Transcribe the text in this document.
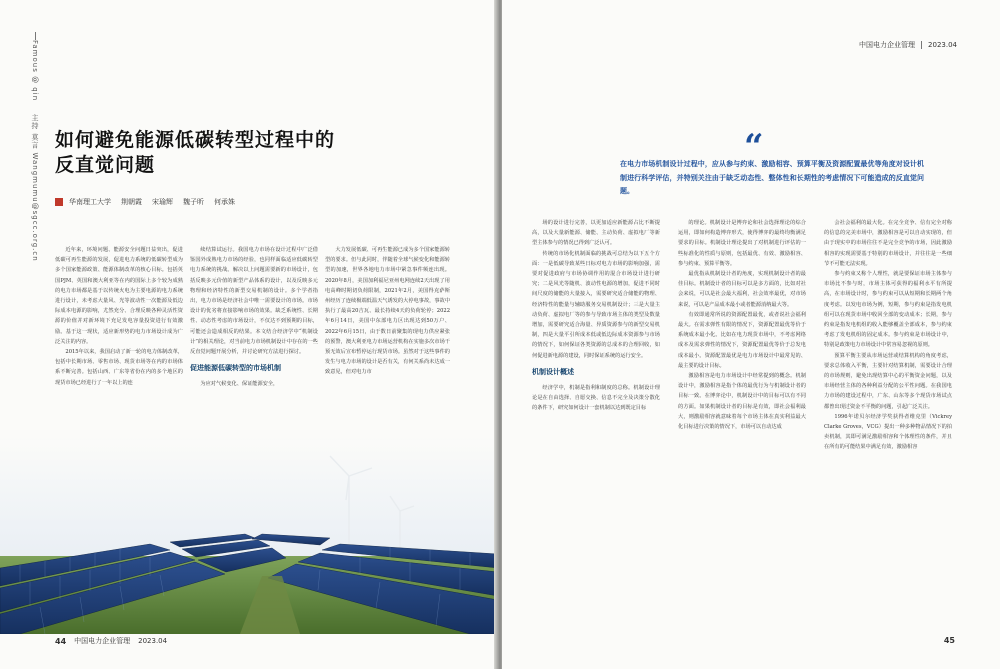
Famous @ qin    主持 莫言 Wangmumu@sgcc.org.cn 如何避免能源低碳转型过程中的
反直觉问题
华南理工大学 荆朝霞 宋瑜辉 魏子昕 何承姝

近年来，环境问题、能源安全问题日益突出，促进低碳可再生能源的发展，促进电力系统的低碳转型成为多个国家能源政策、能源体制改革的核心目标。包括英国PJM、英国和澳大利亚等在内的国际上多个较为成熟的电力市场都是基于以传统火电为主要电源的电力系统进行设计，未考虑大量风、光等波动性一次能源及低边际成本电源的影响，尤然充分、合理反映各种灵活性资源的价值并对新环境下充足发电容量投资进行有效激励。基于这一现状，适应新形势的电力市场设计成为广泛关注的内容。

2015年以来，我国启动了新一轮的电力体制改革，包括中长期市场、零售市场、现货市场等在内的市场体系不断完善。包括山西、广东等省份在内的多个地区的现货市场已经进行了一年以上的连

续结算试运行。我国电力市场在设计过程中广泛借鉴国外成熟电力市场的经验，也同样面临适应低碳转型电力系统的挑战。解决以上问题需要新的市场设计，包括反映多元价值的新型产品体系的设计，以及反映多元物理和经济特性的新型交易机制的设计。多个学者指出，电力市场是经济社会中唯一需要设计的市场。市场设计的优劣将直接影响市场的效果。缺乏系统性、长期性、动态性考虑的市场设计，不仅达不到预期的目标，可能还会造成相反的结果。本文结合经济学中“机制设计”的相关理论，对当前电力市场机制设计中存在的一些反直觉问题开展分析，并讨论研究方法进行探讨。

促进能源低碳转型的市场机制

为应对气候变化、保证能源安全，

大力发展低碳、可再生能源已成为多个国家能源转型的要求。但与此同时，伴随着全球气候变化和能源转型的加速，世界各地电力市场中紧急事件频连出现。2020年8月，美国加利福尼亚州电网连续2天出现了用电高峰时期切负荷限制，2021年2月，美国得克萨斯州经历了连续极端低温天气诱发的大停电事故，事故中执行了最高20吉瓦、最长持续4天的负荷轮停；2022年6月14日，美国中东部电力区出现达到50万户、2022年6月15日，由于数日前聚集的现电力供应紧张的预警，澳大利亚电力市场运营机构在实施多次市场干预无效后宣布暂停运行现货市场。虽然对于这些事件的发生与电力市场的设计是否有关，有何关系尚未达成一致意见，但对电力市

44 中国电力企业管理 2023.04
中国电力企业管理 2023.04
“
在电力市场机制设计过程中，应从参与约束、激励相容、预算平衡及资源配置最优等角度对设计机制进行科学评估，并特别关注由于缺乏动态性、整体性和长期性的考虑情况下可能造成的反直觉问题。

场的设计进行完善，以更加适应新能源占比不断提高，以及大量新能源、储能、主动负荷、虚拟电厂等新型主体参与的情况已得到广泛认可。

传统的市场化机制面临的挑战可总结为以下五个方面：一是低碳导致某些日标对电力市场的影响加强，需要对促进政府与市场协调作用的混合市场设计进行研究；二是风光等随机、波动性电源的增加，促进不同时间尺度的储能的大量接入，需要研究适合储能的物理、经济特性的能量与辅助服务交易机制设计；三是大量主动负荷、虚拟电厂等的参与导致市场主体的类型及数量增加，需要研究适合海量、异质资源参与的新型交易机制，四是大量平引所成本低或低边际成本资源参与市场的情况下，如何保证各类资源的总成本的合理回收，如何促进新电源的建设，同时保证系统的运行安全。

机制设计概述

经济学中，机制是指利和制度的总称。机制设计理论是在自由选择、自愿交换、信息不完全及决策分散化的条件下，研究如何设计一套机制以达到既定目标

的理论。机制设计是博弈论和社会选择理论的综合运用，即如何构造博弈形式，使得博弈的最终均衡满足要求的目标。机制设计理论提出了对机制进行评估的一些标准化的性质与原则，包括最优、有效、激励相容、参与约束、预算平衡等。

最优指从机制设计者的角度，实现机制设计者的最佳目标。机制设计者的目标可以是多方面的，比如对社会来说，可以是社会最大福利，社会效率最优，对市场来说，可以是产品成本最小或者能源消纳最大等。

有效即通常所说的资源配置最优，或者说社会福利最大。在需求弹性有限的情况下，资源配置最优等价于系统成本最小化。比如在电力现货市场中，不考虑网络成本及需求弹性的情况下，资源配置最优等价于总发电成本最小。资源配置最优是电力市场设计中最常见的、最主要的设计目标。

激励相容是电力市场设计中经常提到的概念。机制设计中，激励相容是指个体的最优行为与机制设计者的目标一致。在博弈论中，机制设计中的目标可以有不同的方面。如果机制设计者的目标是有效，即社会福利最大，则激励相容就意味着每个市场主体在真实利益最大化目标进行决策的情况下，市场可以自动达成

会社会福利的最大化。在完全竞争、信有完全对称的信息的完美市场中，激励相容是可以自动实现的，但由于现实中的市场往往不是完全竞争的市场，因此激励相容的实现需要基于特别的市场设计，并往往是一些细节不可能无法实现。

参与约束又称个人理性，就是要保证市场主体参与市场比不参与时，市场主体可获得的福利水平有所提高，在市场设计时，参与约束可以从短期和长期两个角度考虑。以发电市场为例，短期，参与约束是指发电机组可以在现货市场中收回全部的变动成本；长期，参与约束是指发电机组的收入能够覆盖全部成本，参与约束考虑了发电机组的固定成本。参与约束是市场设计中，特别是政策电力市场设计中常容易忽视的原则。

预算平衡主要从市场运营或结算机构的角度考虑，要求总体收入平衡，主要针对结算机制，需要设计合理的市场规则，避免出现结算中心的平衡资金问题，以及市场经营主体的各种利益分配的公平性问题。在我国电力市场的建设过程中，广东、山东等多个现货市场试点都曾出现过资金不平衡的问题，引起广泛关注。

1996年诺贝尔经济学奖获得者维克里（Vickrey Clarke Groves，VCG）提出一种多种物品情况下的拍卖机制，其即可满足激励相容和个体理性的条件，并且在所有的可能结果中满足有效，激励相容

45
